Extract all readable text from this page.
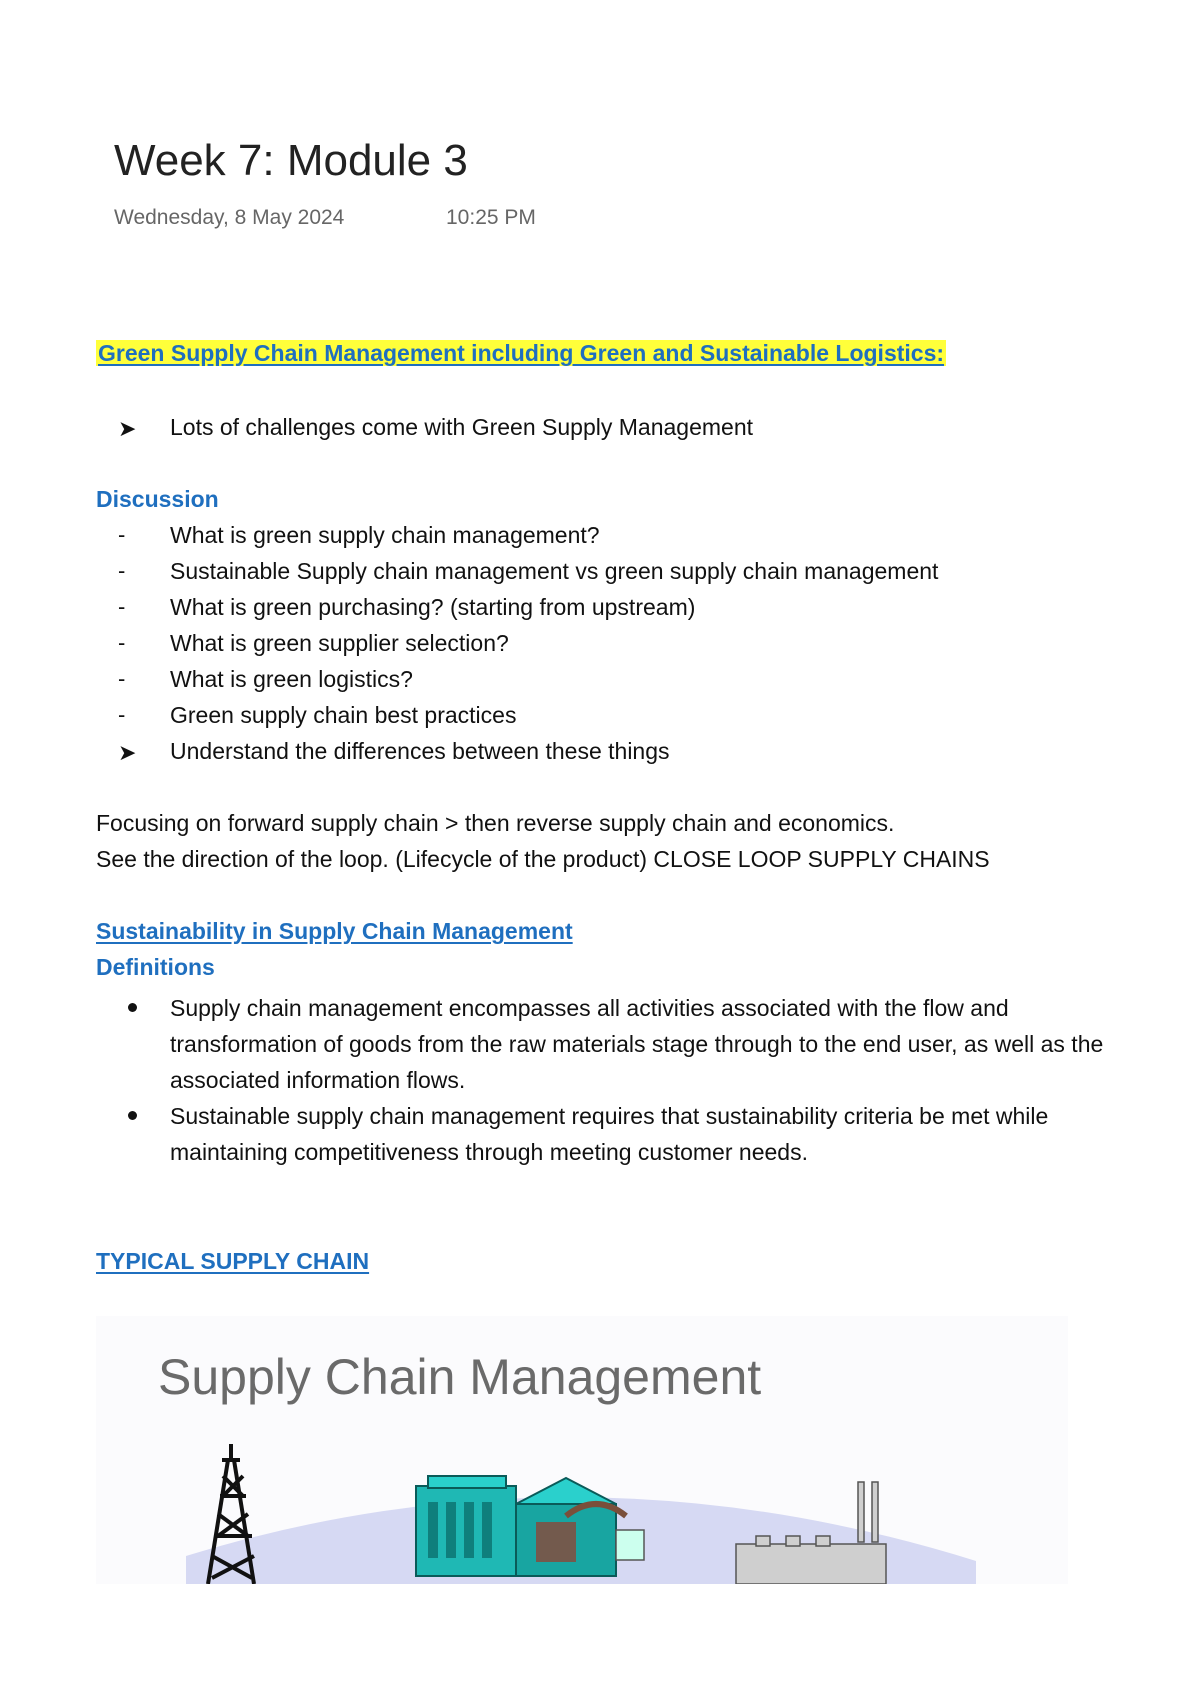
Week 7: Module 3
Wednesday, 8 May 2024	10:25 PM
Green Supply Chain Management including Green and Sustainable Logistics:
➤ Lots of challenges come with Green Supply Management
Discussion
- What is green supply chain management?
- Sustainable Supply chain management vs green supply chain management
- What is green purchasing? (starting from upstream)
- What is green supplier selection?
- What is green logistics?
- Green supply chain best practices
➤ Understand the differences between these things
Focusing on forward supply chain > then reverse supply chain and economics.
See the direction of the loop. (Lifecycle of the product) CLOSE LOOP SUPPLY CHAINS
Sustainability in Supply Chain Management
Definitions
Supply chain management encompasses all activities associated with the flow and transformation of goods from the raw materials stage through to the end user, as well as the associated information flows.
Sustainable supply chain management requires that sustainability criteria be met while maintaining competitiveness through meeting customer needs.
TYPICAL SUPPLY CHAIN
Supply Chain Management
